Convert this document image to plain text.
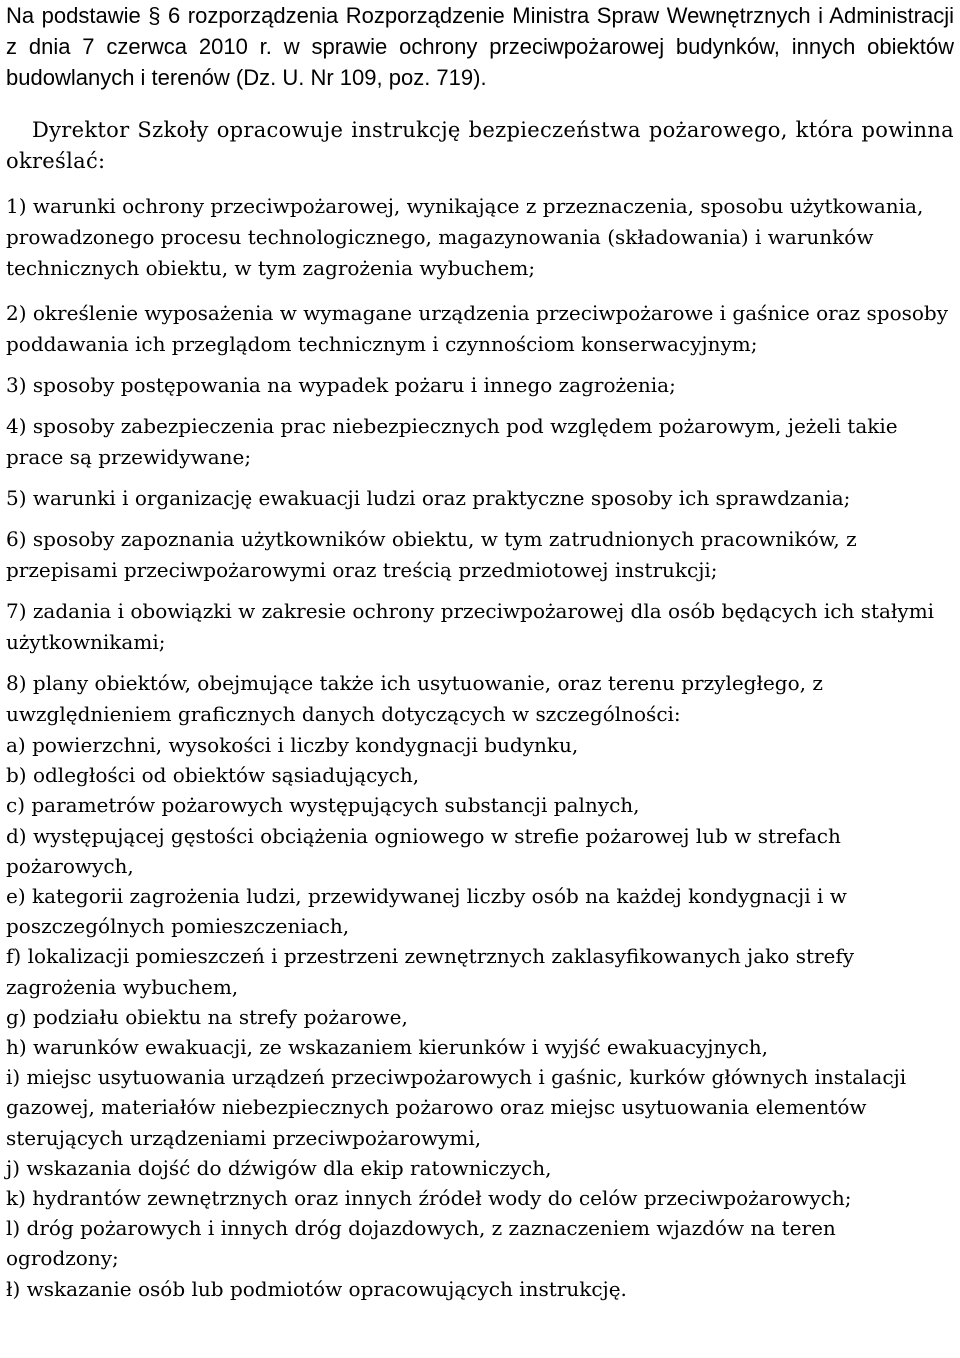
Na podstawie § 6 rozporządzenia Rozporządzenie Ministra Spraw Wewnętrznych i Administracji z dnia 7 czerwca 2010 r. w sprawie ochrony przeciwpożarowej budynków, innych obiektów budowlanych i terenów (Dz. U. Nr 109, poz. 719).

Dyrektor Szkoły opracowuje instrukcję bezpieczeństwa pożarowego, która powinna określać:

1) warunki ochrony przeciwpożarowej, wynikające z przeznaczenia, sposobu użytkowania, prowadzonego procesu technologicznego, magazynowania (składowania) i warunków technicznych obiektu, w tym zagrożenia wybuchem;
2) określenie wyposażenia w wymagane urządzenia przeciwpożarowe i gaśnice oraz sposoby poddawania ich przeglądom technicznym i czynnościom konserwacyjnym;
3) sposoby postępowania na wypadek pożaru i innego zagrożenia;
4) sposoby zabezpieczenia prac niebezpiecznych pod względem pożarowym, jeżeli takie prace są przewidywane;
5) warunki i organizację ewakuacji ludzi oraz praktyczne sposoby ich sprawdzania;
6) sposoby zapoznania użytkowników obiektu, w tym zatrudnionych pracowników, z przepisami przeciwpożarowymi oraz treścią przedmiotowej instrukcji;
7) zadania i obowiązki w zakresie ochrony przeciwpożarowej dla osób będących ich stałymi użytkownikami;
8) plany obiektów, obejmujące także ich usytuowanie, oraz terenu przyległego, z uwzględnieniem graficznych danych dotyczących w szczególności:
a) powierzchni, wysokości i liczby kondygnacji budynku,
b) odległości od obiektów sąsiadujących,
c) parametrów pożarowych występujących substancji palnych,
d) występującej gęstości obciążenia ogniowego w strefie pożarowej lub w strefach pożarowych,
e) kategorii zagrożenia ludzi, przewidywanej liczby osób na każdej kondygnacji i w poszczególnych pomieszczeniach,
f) lokalizacji pomieszczeń i przestrzeni zewnętrznych zaklasyfikowanych jako strefy zagrożenia wybuchem,
g) podziału obiektu na strefy pożarowe,
h) warunków ewakuacji, ze wskazaniem kierunków i wyjść ewakuacyjnych,
i) miejsc usytuowania urządzeń przeciwpożarowych i gaśnic, kurków głównych instalacji gazowej, materiałów niebezpiecznych pożarowo oraz miejsc usytuowania elementów sterujących urządzeniami przeciwpożarowymi,
j) wskazania dojść do dźwigów dla ekip ratowniczych,
k) hydrantów zewnętrznych oraz innych źródeł wody do celów przeciwpożarowych;
l) dróg pożarowych i innych dróg dojazdowych, z zaznaczeniem wjazdów na teren ogrodzony;
ł) wskazanie osób lub podmiotów opracowujących instrukcję.
